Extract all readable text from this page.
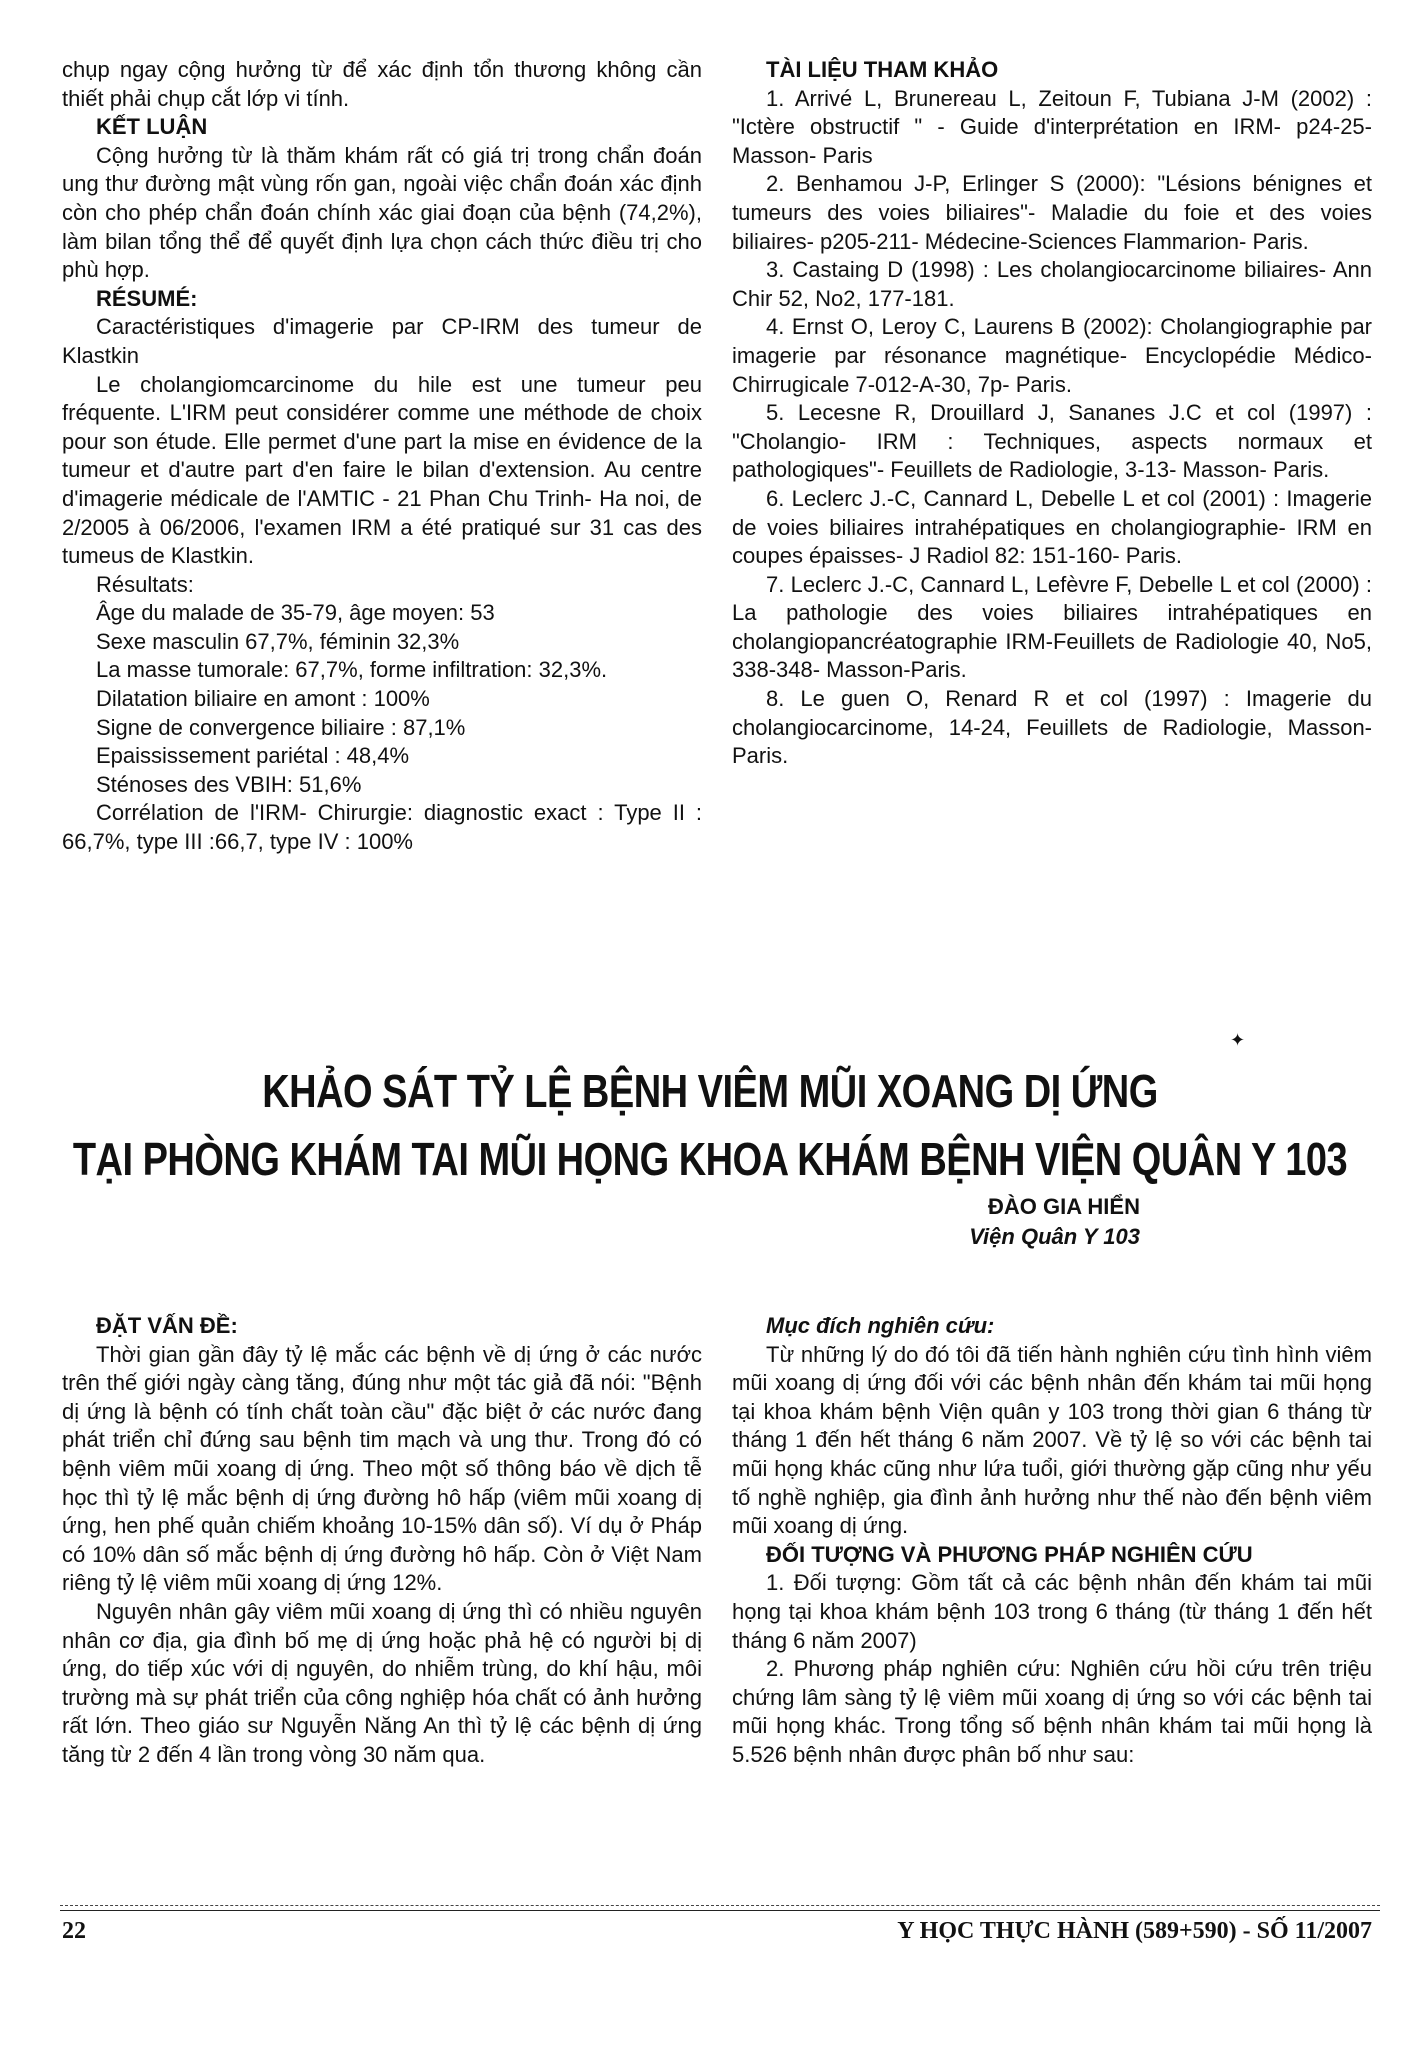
chụp ngay cộng hưởng từ để xác định tổn thương không cần thiết phải chụp cắt lớp vi tính.

KẾT LUẬN

Cộng hưởng từ là thăm khám rất có giá trị trong chẩn đoán ung thư đường mật vùng rốn gan, ngoài việc chẩn đoán xác định còn cho phép chẩn đoán chính xác giai đoạn của bệnh (74,2%), làm bilan tổng thể để quyết định lựa chọn cách thức điều trị cho phù hợp.

RÉSUMÉ:

Caractéristiques d'imagerie par CP-IRM des tumeur de Klastkin

Le cholangiomcarcinome du hile est une tumeur peu fréquente. L'IRM peut considérer comme une méthode de choix pour son étude. Elle permet d'une part la mise en évidence de la tumeur et d'autre part d'en faire le bilan d'extension. Au centre d'imagerie médicale de l'AMTIC - 21 Phan Chu Trinh- Ha noi, de 2/2005 à 06/2006, l'examen IRM a été pratiqué sur 31 cas des tumeus de Klastkin.

Résultats:

Âge du malade de 35-79, âge moyen: 53

Sexe masculin 67,7%, féminin 32,3%

La masse tumorale: 67,7%, forme infiltration: 32,3%.

Dilatation biliaire en amont : 100%

Signe de convergence biliaire : 87,1%

Epaississement pariétal : 48,4%

Sténoses des VBIH: 51,6%

Corrélation de l'IRM- Chirurgie: diagnostic exact : Type II : 66,7%, type III :66,7, type IV : 100%

TÀI LIỆU THAM KHẢO

1. Arrivé L, Brunereau L, Zeitoun F, Tubiana J-M (2002) : "Ictère obstructif " - Guide d'interprétation en IRM- p24-25- Masson- Paris

2. Benhamou J-P, Erlinger S (2000): "Lésions bénignes et tumeurs des voies biliaires"- Maladie du foie et des voies biliaires- p205-211- Médecine-Sciences Flammarion- Paris.

3. Castaing D (1998) : Les cholangiocarcinome biliaires- Ann Chir 52, No2, 177-181.

4. Ernst O, Leroy C, Laurens B (2002): Cholangiographie par imagerie par résonance magnétique- Encyclopédie Médico- Chirrugicale 7-012-A-30, 7p- Paris.

5. Lecesne R, Drouillard J, Sananes J.C et col (1997) : "Cholangio- IRM : Techniques, aspects normaux et pathologiques"- Feuillets de Radiologie, 3-13- Masson- Paris.

6. Leclerc J.-C, Cannard L, Debelle L et col (2001) : Imagerie de voies biliaires intrahépatiques en cholangiographie- IRM en coupes épaisses- J Radiol 82: 151-160- Paris.

7. Leclerc J.-C, Cannard L, Lefèvre F, Debelle L et col (2000) : La pathologie des voies biliaires intrahépatiques en cholangiopancréatographie IRM-Feuillets de Radiologie 40, No5, 338-348- Masson-Paris.

8. Le guen O, Renard R et col (1997) : Imagerie du cholangiocarcinome, 14-24, Feuillets de Radiologie, Masson- Paris.

✦
KHẢO SÁT TỶ LỆ BỆNH VIÊM MŨI XOANG DỊ ỨNG
TẠI PHÒNG KHÁM TAI MŨI HỌNG KHOA KHÁM BỆNH VIỆN QUÂN Y 103
ĐÀO GIA HIỂN
Viện Quân Y 103

ĐẶT VẤN ĐỀ:

Thời gian gần đây tỷ lệ mắc các bệnh về dị ứng ở các nước trên thế giới ngày càng tăng, đúng như một tác giả đã nói: "Bệnh dị ứng là bệnh có tính chất toàn cầu" đặc biệt ở các nước đang phát triển chỉ đứng sau bệnh tim mạch và ung thư. Trong đó có bệnh viêm mũi xoang dị ứng. Theo một số thông báo về dịch tễ học thì tỷ lệ mắc bệnh dị ứng đường hô hấp (viêm mũi xoang dị ứng, hen phế quản chiếm khoảng 10-15% dân số). Ví dụ ở Pháp có 10% dân số mắc bệnh dị ứng đường hô hấp. Còn ở Việt Nam riêng tỷ lệ viêm mũi xoang dị ứng 12%.

Nguyên nhân gây viêm mũi xoang dị ứng thì có nhiều nguyên nhân cơ địa, gia đình bố mẹ dị ứng hoặc phả hệ có người bị dị ứng, do tiếp xúc với dị nguyên, do nhiễm trùng, do khí hậu, môi trường mà sự phát triển của công nghiệp hóa chất có ảnh hưởng rất lớn. Theo giáo sư Nguyễn Năng An thì tỷ lệ các bệnh dị ứng tăng từ 2 đến 4 lần trong vòng 30 năm qua.

Mục đích nghiên cứu:

Từ những lý do đó tôi đã tiến hành nghiên cứu tình hình viêm mũi xoang dị ứng đối với các bệnh nhân đến khám tai mũi họng tại khoa khám bệnh Viện quân y 103 trong thời gian 6 tháng từ tháng 1 đến hết tháng 6 năm 2007. Về tỷ lệ so với các bệnh tai mũi họng khác cũng như lứa tuổi, giới thường gặp cũng như yếu tố nghề nghiệp, gia đình ảnh hưởng như thế nào đến bệnh viêm mũi xoang dị ứng.

ĐỐI TƯỢNG VÀ PHƯƠNG PHÁP NGHIÊN CỨU

1. Đối tượng: Gồm tất cả các bệnh nhân đến khám tai mũi họng tại khoa khám bệnh 103 trong 6 tháng (từ tháng 1 đến hết tháng 6 năm 2007)

2. Phương pháp nghiên cứu: Nghiên cứu hồi cứu trên triệu chứng lâm sàng tỷ lệ viêm mũi xoang dị ứng so với các bệnh tai mũi họng khác. Trong tổng số bệnh nhân khám tai mũi họng là 5.526 bệnh nhân được phân bố như sau:

22	Y HỌC THỰC HÀNH (589+590) - SỐ 11/2007
